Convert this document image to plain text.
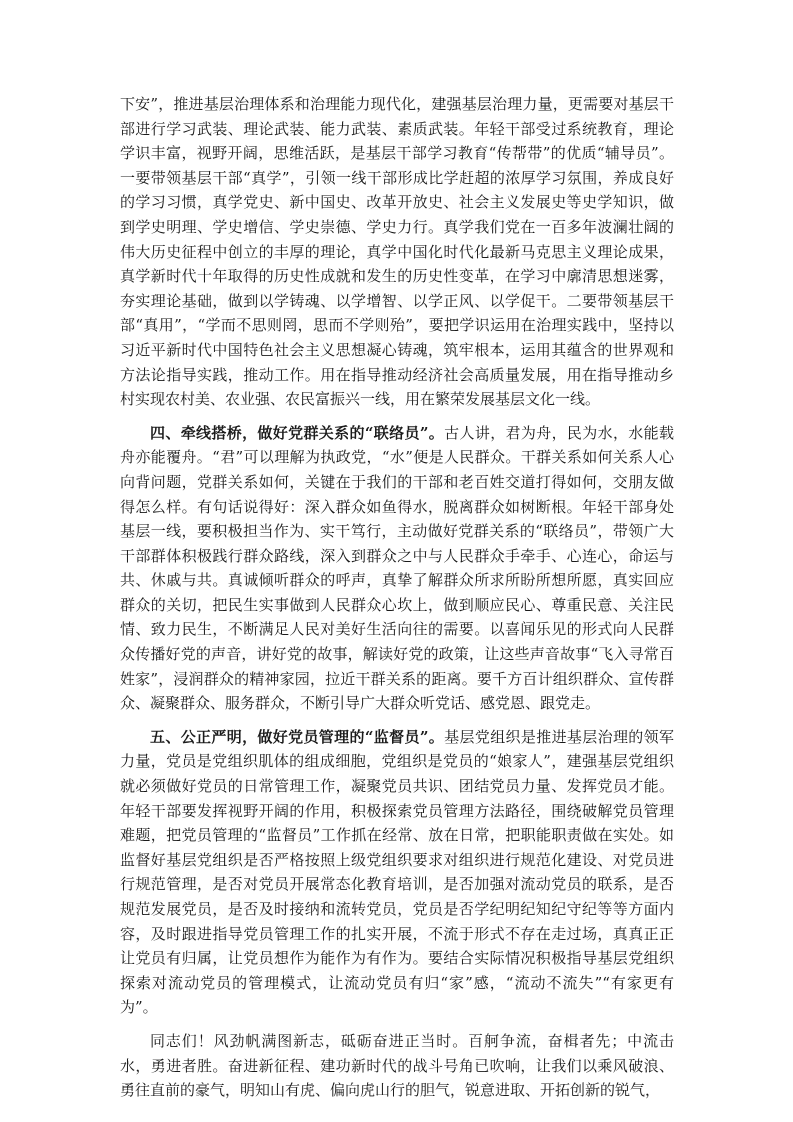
下安”，推进基层治理体系和治理能力现代化，建强基层治理力量，更需要对基层干部进行学习武装、理论武装、能力武装、素质武装。年轻干部受过系统教育，理论学识丰富，视野开阔，思维活跃，是基层干部学习教育“传帮带”的优质“辅导员”。一要带领基层干部“真学”，引领一线干部形成比学赶超的浓厚学习氛围，养成良好的学习习惯，真学党史、新中国史、改革开放史、社会主义发展史等史学知识，做到学史明理、学史增信、学史崇德、学史力行。真学我们党在一百多年波澜壮阔的伟大历史征程中创立的丰厚的理论，真学中国化时代化最新马克思主义理论成果，真学新时代十年取得的历史性成就和发生的历史性变革，在学习中廓清思想迷雾，夯实理论基础，做到以学铸魂、以学增智、以学正风、以学促干。二要带领基层干部“真用”，“学而不思则罔，思而不学则殆”，要把学识运用在治理实践中，坚持以习近平新时代中国特色社会主义思想凝心铸魂，筑牢根本，运用其蕴含的世界观和方法论指导实践，推动工作。用在指导推动经济社会高质量发展，用在指导推动乡村实现农村美、农业强、农民富振兴一线，用在繁荣发展基层文化一线。

四、牵线搭桥，做好党群关系的“联络员”。古人讲，君为舟，民为水，水能载舟亦能覆舟。“君”可以理解为执政党，“水”便是人民群众。干群关系如何关系人心向背问题，党群关系如何，关键在于我们的干部和老百姓交道打得如何，交朋友做得怎么样。有句话说得好：深入群众如鱼得水，脱离群众如树断根。年轻干部身处基层一线，要积极担当作为、实干笃行，主动做好党群关系的“联络员”，带领广大干部群体积极践行群众路线，深入到群众之中与人民群众手牵手、心连心，命运与共、休戚与共。真诚倾听群众的呼声，真挚了解群众所求所盼所想所愿，真实回应群众的关切，把民生实事做到人民群众心坎上，做到顺应民心、尊重民意、关注民情、致力民生，不断满足人民对美好生活向往的需要。以喜闻乐见的形式向人民群众传播好党的声音，讲好党的故事，解读好党的政策，让这些声音故事“飞入寻常百姓家”，浸润群众的精神家园，拉近干群关系的距离。要千方百计组织群众、宣传群众、凝聚群众、服务群众，不断引导广大群众听党话、感党恩、跟党走。

五、公正严明，做好党员管理的“监督员”。基层党组织是推进基层治理的领军力量，党员是党组织肌体的组成细胞，党组织是党员的“娘家人”，建强基层党组织就必须做好党员的日常管理工作，凝聚党员共识、团结党员力量、发挥党员才能。年轻干部要发挥视野开阔的作用，积极探索党员管理方法路径，围绕破解党员管理难题，把党员管理的“监督员”工作抓在经常、放在日常，把职能职责做在实处。如监督好基层党组织是否严格按照上级党组织要求对组织进行规范化建设、对党员进行规范管理，是否对党员开展常态化教育培训，是否加强对流动党员的联系，是否规范发展党员，是否及时接纳和流转党员，党员是否学纪明纪知纪守纪等等方面内容，及时跟进指导党员管理工作的扎实开展，不流于形式不存在走过场，真真正正让党员有归属，让党员想作为能作为有作为。要结合实际情况积极指导基层党组织探索对流动党员的管理模式，让流动党员有归“家”感，“流动不流失”“有家更有为”。

同志们！风劲帆满图新志，砥砺奋进正当时。百舸争流，奋楫者先；中流击水，勇进者胜。奋进新征程、建功新时代的战斗号角已吹响，让我们以乘风破浪、勇往直前的豪气，明知山有虎、偏向虎山行的胆气，锐意进取、开拓创新的锐气，
